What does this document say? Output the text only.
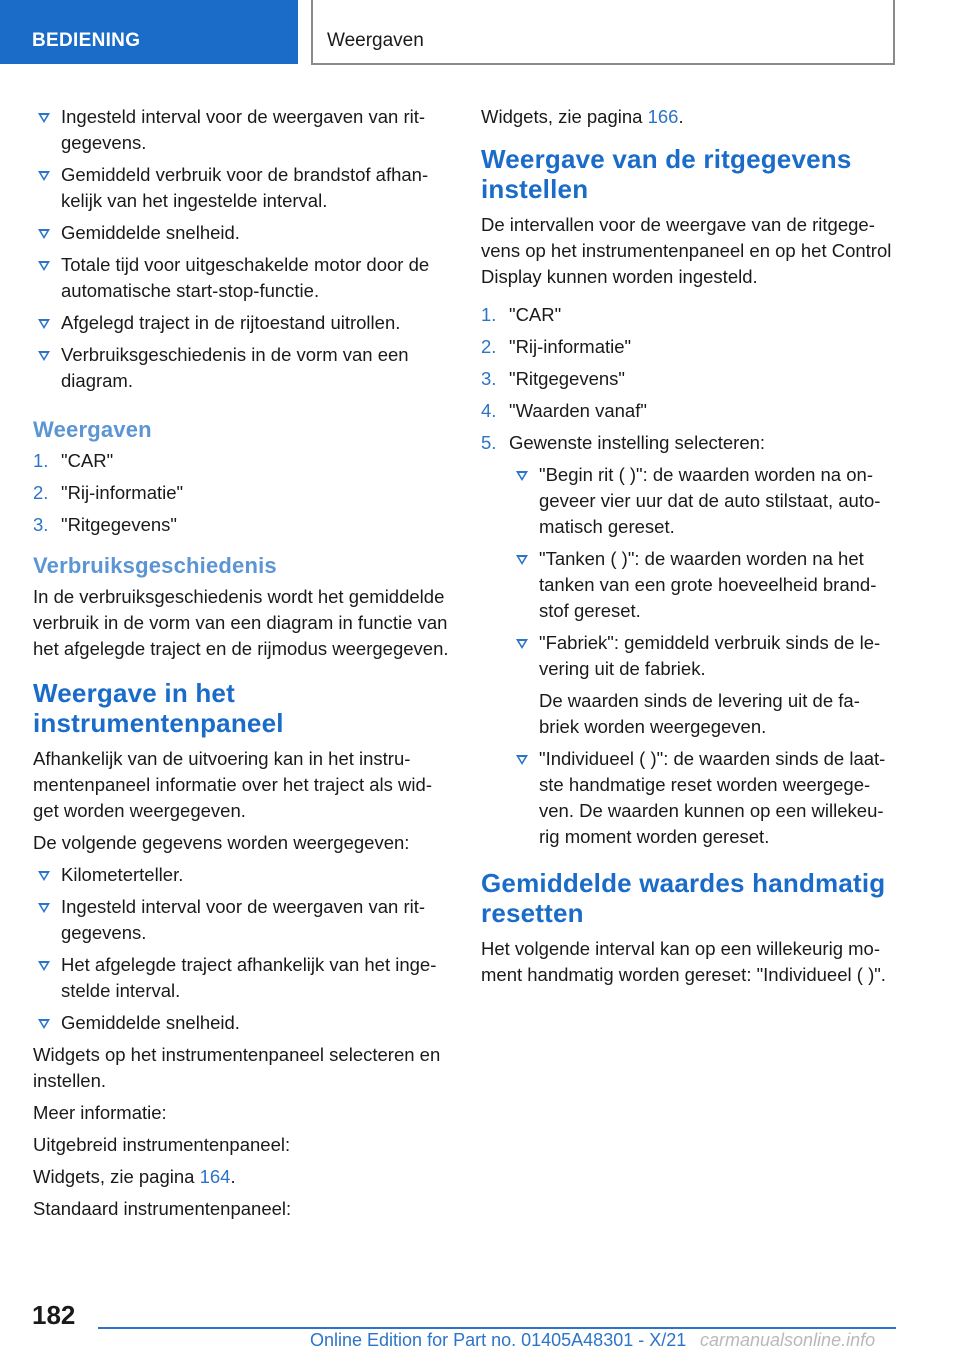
BEDIENING	Weergaven
Ingesteld interval voor de weergaven van ritgegevens.
Gemiddeld verbruik voor de brandstof afhankelijk van het ingestelde interval.
Gemiddelde snelheid.
Totale tijd voor uitgeschakelde motor door de automatische start-stop-functie.
Afgelegd traject in de rijtoestand uitrollen.
Verbruiksgeschiedenis in de vorm van een diagram.
Weergaven
1. "CAR"
2. "Rij-informatie"
3. "Ritgegevens"
Verbruiksgeschiedenis
In de verbruiksgeschiedenis wordt het gemiddelde verbruik in de vorm van een diagram in functie van het afgelegde traject en de rijmodus weergegeven.
Weergave in het instrumentenpaneel
Afhankelijk van de uitvoering kan in het instrumentenpaneel informatie over het traject als widget worden weergegeven.
De volgende gegevens worden weergegeven:
Kilometerteller.
Ingesteld interval voor de weergaven van ritgegevens.
Het afgelegde traject afhankelijk van het ingestelde interval.
Gemiddelde snelheid.
Widgets op het instrumentenpaneel selecteren en instellen.
Meer informatie:
Uitgebreid instrumentenpaneel:
Widgets, zie pagina 164.
Standaard instrumentenpaneel:
Widgets, zie pagina 166.
Weergave van de ritgegevens instellen
De intervallen voor de weergave van de ritgegevens op het instrumentenpaneel en op het Control Display kunnen worden ingesteld.
1. "CAR"
2. "Rij-informatie"
3. "Ritgegevens"
4. "Waarden vanaf"
5. Gewenste instelling selecteren:
"Begin rit ( )": de waarden worden na ongeveer vier uur dat de auto stilstaat, automatisch gereset.
"Tanken ( )": de waarden worden na het tanken van een grote hoeveelheid brandstof gereset.
"Fabriek": gemiddeld verbruik sinds de levering uit de fabriek.
De waarden sinds de levering uit de fabriek worden weergegeven.
"Individueel ( )": de waarden sinds de laatste handmatige reset worden weergegeven. De waarden kunnen op een willekeurig moment worden gereset.
Gemiddelde waardes handmatig resetten
Het volgende interval kan op een willekeurig moment handmatig worden gereset: "Individueel ( )".
182
Online Edition for Part no. 01405A48301 - X/21 carmanualsonline.info
